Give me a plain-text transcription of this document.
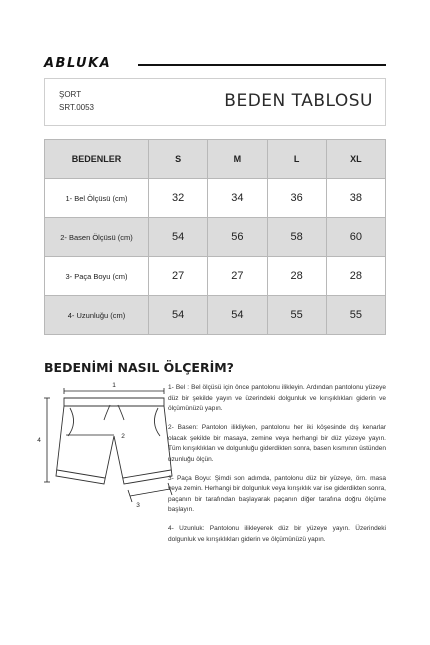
ABLUKA
ŞORT
SRT.0053	BEDEN TABLOSU
BEDENLER	S	M	L	XL
1- Bel Ölçüsü (cm)	32	34	36	38
2- Basen Ölçüsü (cm)	54	56	58	60
3- Paça Boyu (cm)	27	27	28	28
4- Uzunluğu (cm)	54	54	55	55
BEDENİMİ NASIL ÖLÇERİM?
1
2
3
4

1- Bel : Bel ölçüsü için önce pantolonu ilikleyin. Ardından pantolonu yüzeye düz bir şekilde yayın ve üzerindeki dolgunluk ve kırışıklıkları giderin ve ölçümünüzü yapın.

2- Basen: Pantolon ilikliyken, pantolonu her iki köşesinde dış kenarlar olacak şekilde bir masaya, zemine veya herhangi bir düz yüzeye yayın. Tüm kırışıklıkları ve dolgunluğu giderdikten sonra, basen kısmının üstünden uzunluğu ölçün.

3- Paça Boyu: Şimdi son adımda, pantolonu düz bir yüzeye, örn. masa veya zemin. Herhangi bir dolgunluk veya kırışıklık var ise giderdikten sonra, paçanın bir tarafından başlayarak paçanın diğer tarafına doğru ölçüme başlayın.

4- Uzunluk: Pantolonu ilikleyerek düz bir yüzeye yayın. Üzerindeki dolgunluk ve kırışıklıkları giderin ve ölçümünüzü yapın.
